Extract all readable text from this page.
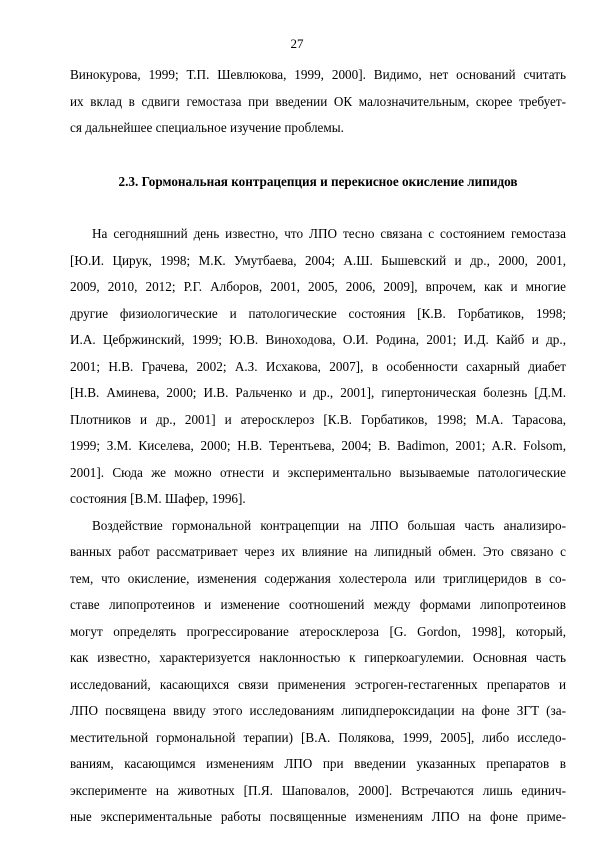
27

Винокурова, 1999; Т.П. Шевлюкова, 1999, 2000]. Видимо, нет оснований считать
их вклад в сдвиги гемостаза при введении ОК малозначительным, скорее требует-
ся дальнейшее специальное изучение проблемы.

2.3. Гормональная контрацепция и перекисное окисление липидов

На сегодняшний день известно, что ЛПО тесно связана с состоянием гемостаза
[Ю.И. Цирук, 1998; М.К. Умутбаева, 2004; А.Ш. Бышевский и др., 2000, 2001,
2009, 2010, 2012; Р.Г. Алборов, 2001, 2005, 2006, 2009], впрочем, как и многие
другие физиологические и патологические состояния [К.В. Горбатиков, 1998;
И.А. Цебржинский, 1999; Ю.В. Виноходова, О.И. Родина, 2001; И.Д. Кайб и др.,
2001; Н.В. Грачева, 2002; А.З. Исхакова, 2007], в особенности сахарный диабет
[Н.В. Аминева, 2000; И.В. Ральченко и др., 2001], гипертоническая болезнь [Д.М.
Плотников и др., 2001] и атеросклероз [К.В. Горбатиков, 1998; М.А. Тарасова,
1999; З.М. Киселева, 2000; Н.В. Терентьева, 2004; B. Badimon, 2001; A.R. Folsom,
2001]. Сюда же можно отнести и экспериментально вызываемые патологические
состояния [В.М. Шафер, 1996].

Воздействие гормональной контрацепции на ЛПО большая часть анализиро-
ванных работ рассматривает через их влияние на липидный обмен. Это связано с
тем, что окисление, изменения содержания холестерола или триглицеридов в со-
ставе липопротеинов и изменение соотношений между формами липопротеинов
могут определять прогрессирование атеросклероза [G. Gordon, 1998], который,
как известно, характеризуется наклонностью к гиперкоагулемии. Основная часть
исследований, касающихся связи применения эстроген-гестагенных препаратов и
ЛПО посвящена ввиду этого исследованиям липидпероксидации на фоне ЗГТ (за-
местительной гормональной терапии) [В.А. Полякова, 1999, 2005], либо исследо-
ваниям, касающимся изменениям ЛПО при введении указанных препаратов в
эксперименте на животных [П.Я. Шаповалов, 2000]. Встречаются лишь единич-
ные экспериментальные работы посвященные изменениям ЛПО на фоне приме-
